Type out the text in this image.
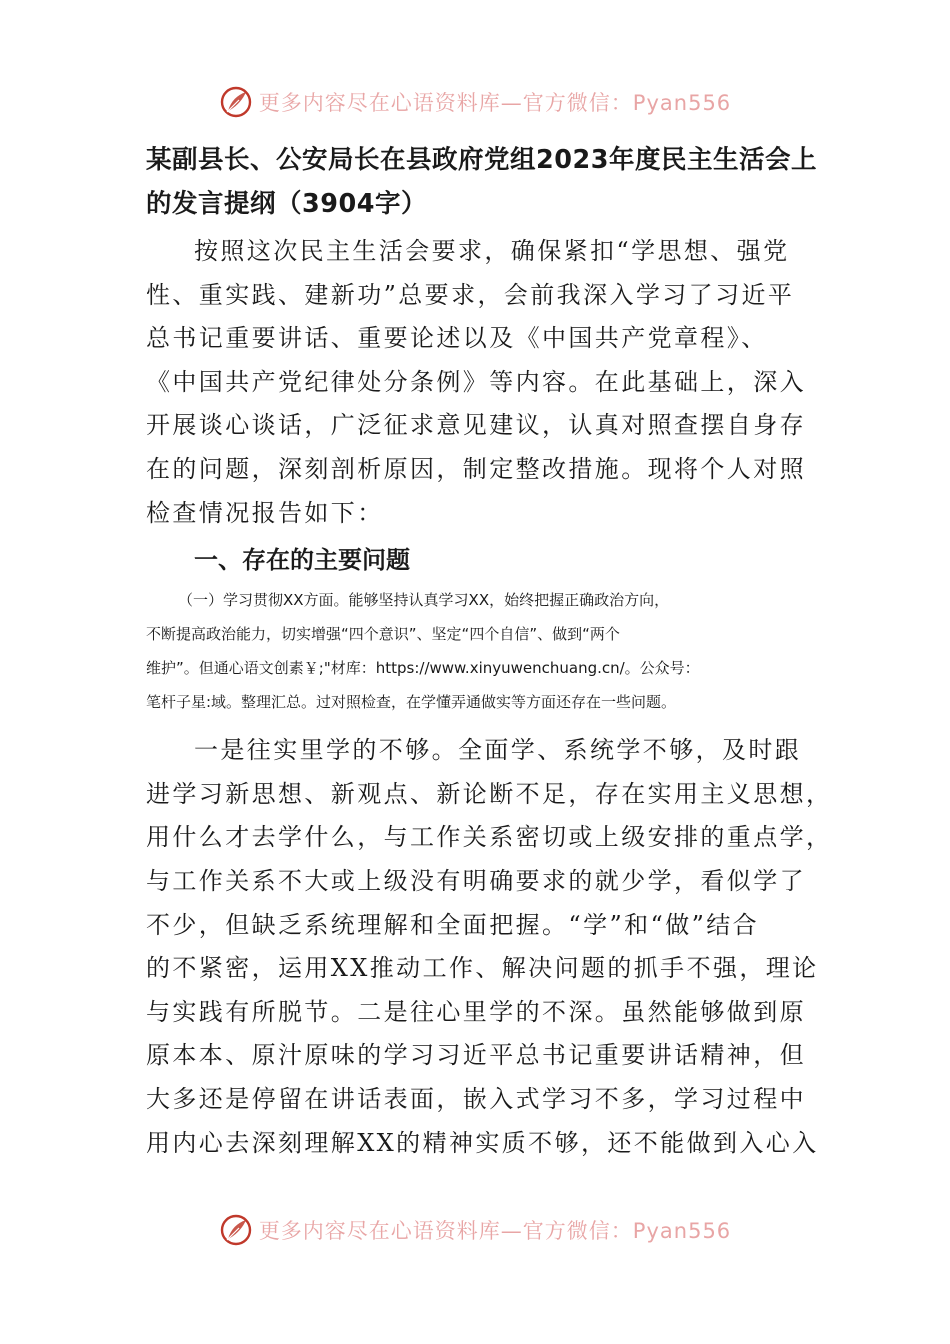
更多内容尽在心语资料库—官方微信：Pyan556
某副县长、公安局长在县政府党组2023年度民主生活会上
的发言提纲（3904字）
按照这次民主生活会要求，确保紧扣“学思想、强党
性、重实践、建新功”总要求，会前我深入学习了习近平
总书记重要讲话、重要论述以及《中国共产党章程》、
《中国共产党纪律处分条例》等内容。在此基础上，深入
开展谈心谈话，广泛征求意见建议，认真对照查摆自身存
在的问题，深刻剖析原因，制定整改措施。现将个人对照
检查情况报告如下：
一、存在的主要问题
（一）学习贯彻XX方面。能够坚持认真学习XX，始终把握正确政治方向，
不断提高政治能力，切实增强“四个意识”、坚定“四个自信”、做到“两个
维护”。但通心语文创素￥;"材库：https://www.xinyuwenchuang.cn/。公众号：
笔杆子星:域。整理汇总。过对照检查，在学懂弄通做实等方面还存在一些问题。
一是往实里学的不够。全面学、系统学不够，及时跟
进学习新思想、新观点、新论断不足，存在实用主义思想，
用什么才去学什么，与工作关系密切或上级安排的重点学，
与工作关系不大或上级没有明确要求的就少学，看似学了
不少，但缺乏系统理解和全面把握。“学”和“做”结合
的不紧密，运用XX推动工作、解决问题的抓手不强，理论
与实践有所脱节。二是往心里学的不深。虽然能够做到原
原本本、原汁原味的学习习近平总书记重要讲话精神，但
大多还是停留在讲话表面，嵌入式学习不多，学习过程中
用内心去深刻理解XX的精神实质不够，还不能做到入心入
更多内容尽在心语资料库—官方微信：Pyan556
